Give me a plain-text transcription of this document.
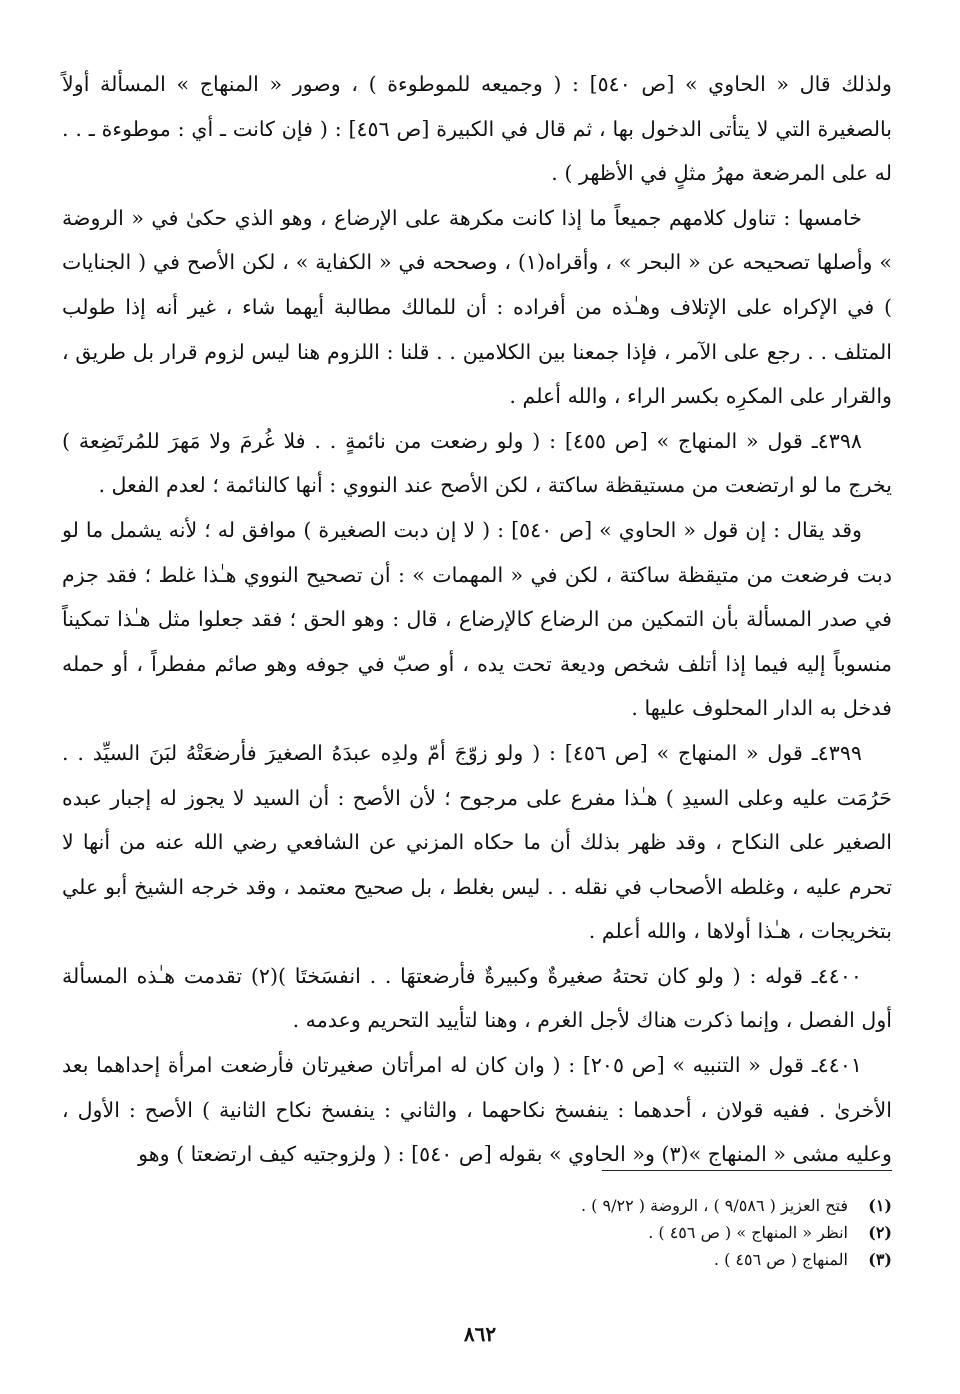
ولذلك قال « الحاوي » [ص ٥٤٠] : ( وجميعه للموطوءة ) ، وصور « المنهاج » المسألة أولاً بالصغيرة التي لا يتأتى الدخول بها ، ثم قال في الكبيرة [ص ٤٥٦] : ( فإن كانت ـ أي : موطوءة ـ . . له على المرضعة مهرُ مثلٍ في الأظهر ) .

خامسها : تناول كلامهم جميعاً ما إذا كانت مكرهة على الإرضاع ، وهو الذي حكىٰ في « الروضة » وأصلها تصحيحه عن « البحر » ، وأقراه(١) ، وصححه في « الكفاية » ، لكن الأصح في ( الجنايات ) في الإكراه على الإتلاف وهـٰذه من أفراده : أن للمالك مطالبة أيهما شاء ، غير أنه إذا طولب المتلف . . رجع على الآمر ، فإذا جمعنا بين الكلامين . . قلنا : اللزوم هنا ليس لزوم قرار بل طريق ، والقرار على المكرِه بكسر الراء ، والله أعلم .

٤٣٩٨ـ قول « المنهاج » [ص ٤٥٥] : ( ولو رضعت من نائمةٍ . . فلا غُرمَ ولا مَهرَ للمُرتَضِعة ) يخرج ما لو ارتضعت من مستيقظة ساكتة ، لكن الأصح عند النووي : أنها كالنائمة ؛ لعدم الفعل .

وقد يقال : إن قول « الحاوي » [ص ٥٤٠] : ( لا إن دبت الصغيرة ) موافق له ؛ لأنه يشمل ما لو دبت فرضعت من متيقظة ساكتة ، لكن في « المهمات » : أن تصحيح النووي هـٰذا غلط ؛ فقد جزم في صدر المسألة بأن التمكين من الرضاع كالإرضاع ، قال : وهو الحق ؛ فقد جعلوا مثل هـٰذا تمكيناً منسوباً إليه فيما إذا أتلف شخص وديعة تحت يده ، أو صبّ في جوفه وهو صائم مفطراً ، أو حمله فدخل به الدار المحلوف عليها .

٤٣٩٩ـ قول « المنهاج » [ص ٤٥٦] : ( ولو زوّجَ أمّ ولدِه عبدَهُ الصغيرَ فأرضعَتْهُ لبَنَ السيِّد . . حَرُمَت عليه وعلى السيدِ ) هـٰذا مفرع على مرجوح ؛ لأن الأصح : أن السيد لا يجوز له إجبار عبده الصغير على النكاح ، وقد ظهر بذلك أن ما حكاه المزني عن الشافعي رضي الله عنه من أنها لا تحرم عليه ، وغلطه الأصحاب في نقله . . ليس بغلط ، بل صحيح معتمد ، وقد خرجه الشيخ أبو علي بتخريجات ، هـٰذا أولاها ، والله أعلم .

٤٤٠٠ـ قوله : ( ولو كان تحتهُ صغيرةٌ وكبيرةٌ فأرضعتهَا . . انفسَختَا )(٢) تقدمت هـٰذه المسألة أول الفصل ، وإنما ذكرت هناك لأجل الغرم ، وهنا لتأييد التحريم وعدمه .

٤٤٠١ـ قول « التنبيه » [ص ٢٠٥] : ( وان كان له امرأتان صغيرتان فأرضعت امرأة إحداهما بعد الأخرىٰ . ففيه قولان ، أحدهما : ينفسخ نكاحهما ، والثاني : ينفسخ نكاح الثانية ) الأصح : الأول ، وعليه مشى « المنهاج »(٣) و« الحاوي » بقوله [ص ٥٤٠] : ( ولزوجتيه كيف ارتضعتا ) وهو

(١)
فتح العزيز ( ٩/٥٨٦ ) ، الروضة ( ٩/٢٢ ) .
(٢)
انظر « المنهاج » ( ص ٤٥٦ ) .
(٣)
المنهاج ( ص ٤٥٦ ) .
٨٦٢
